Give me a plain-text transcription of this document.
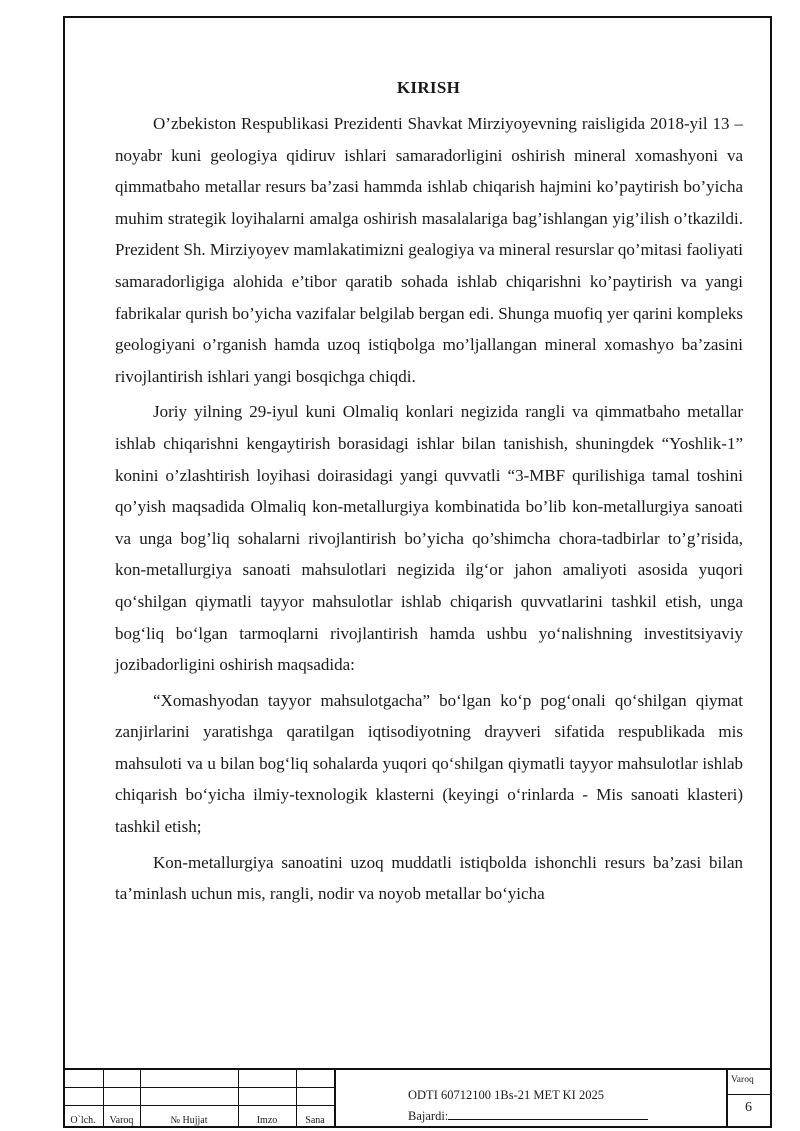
KIRISH

O’zbekiston Respublikasi Prezidenti Shavkat Mirziyoyevning raisligida 2018-yil 13 – noyabr kuni geologiya qidiruv ishlari samaradorligini oshirish mineral xomashyoni va qimmatbaho metallar resurs ba’zasi hammda ishlab chiqarish hajmini ko’paytirish bo’yicha muhim strategik loyihalarni amalga oshirish masalalariga bag’ishlangan yig’ilish o’tkazildi. Prezident Sh. Mirziyoyev mamlakatimizni gealogiya va mineral resurslar qo’mitasi faoliyati samaradorligiga alohida e’tibor qaratib sohada ishlab chiqarishni ko’paytirish va yangi fabrikalar qurish bo’yicha vazifalar belgilab bergan edi. Shunga muofiq yer qarini kompleks geologiyani o’rganish hamda uzoq istiqbolga mo’ljallangan mineral xomashyo ba’zasini rivojlantirish ishlari yangi bosqichga chiqdi.

Joriy yilning 29-iyul kuni Olmaliq konlari negizida rangli va qimmatbaho metallar ishlab chiqarishni kengaytirish borasidagi ishlar bilan tanishish, shuningdek “Yoshlik-1” konini o’zlashtirish loyihasi doirasidagi yangi quvvatli “3-MBF qurilishiga tamal toshini qo’yish maqsadida Olmaliq kon-metallurgiya kombinatida bo’lib kon-metallurgiya sanoati va unga bog’liq sohalarni rivojlantirish bo’yicha qo’shimcha chora-tadbirlar to’g’risida, kon-metallurgiya sanoati mahsulotlari negizida ilg‘or jahon amaliyoti asosida yuqori qo‘shilgan qiymatli tayyor mahsulotlar ishlab chiqarish quvvatlarini tashkil etish, unga bog‘liq bo‘lgan tarmoqlarni rivojlantirish hamda ushbu yo‘nalishning investitsiyaviy jozibadorligini oshirish maqsadida:

“Xomashyodan tayyor mahsulotgacha” bo‘lgan ko‘p pog‘onali qo‘shilgan qiymat zanjirlarini yaratishga qaratilgan iqtisodiyotning drayveri sifatida respublikada mis mahsuloti va u bilan bog‘liq sohalarda yuqori qo‘shilgan qiymatli tayyor mahsulotlar ishlab chiqarish bo‘yicha ilmiy-texnologik klasterni (keyingi o‘rinlarda - Mis sanoati klasteri) tashkil etish;

Kon-metallurgiya sanoatini uzoq muddatli istiqbolda ishonchli resurs ba’zasi bilan ta’minlash uchun mis, rangli, nodir va noyob metallar bo‘yicha

O`lch.	Varoq	№ Hujjat	Imzo	Sana
ODTI 60712100 1Bs-21 MET KI 2025
Bajardi:
Varoq
6
